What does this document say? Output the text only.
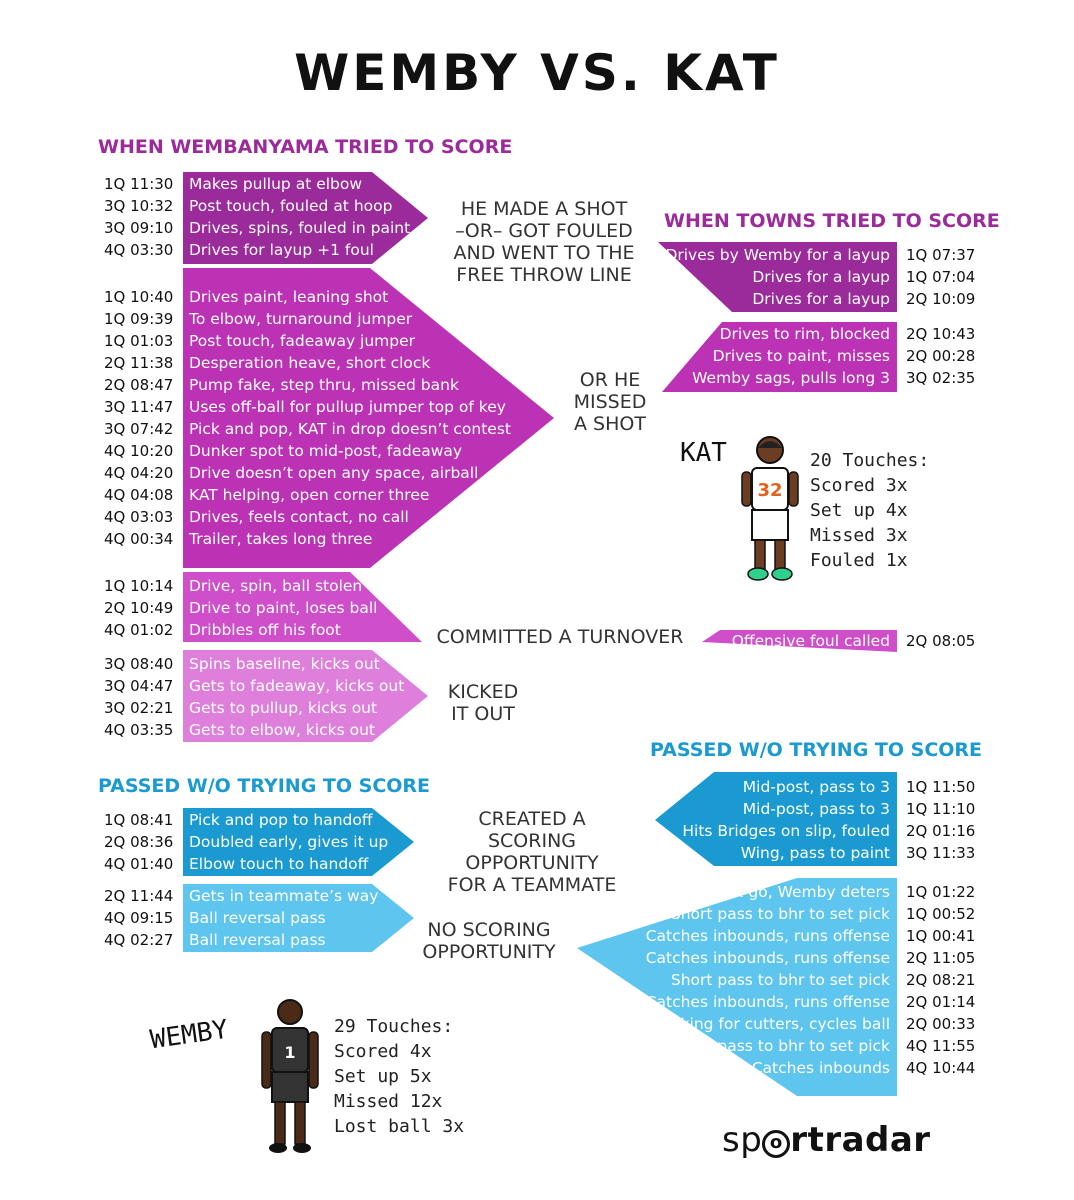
WEMBY VS. KAT
WHEN WEMBANYAMA TRIED TO SCORE
WHEN TOWNS TRIED TO SCORE
PASSED W/O TRYING TO SCORE
PASSED W/O TRYING TO SCORE
1Q 11:30 Makes pullup at elbow
3Q 10:32 Post touch, fouled at hoop
3Q 09:10 Drives, spins, fouled in paint
4Q 03:30 Drives for layup +1 foul
1Q 10:40 Drives paint, leaning shot
1Q 09:39 To elbow, turnaround jumper
1Q 01:03 Post touch, fadeaway jumper
2Q 11:38 Desperation heave, short clock
2Q 08:47 Pump fake, step thru, missed bank
3Q 11:47 Uses off-ball for pullup jumper top of key
3Q 07:42 Pick and pop, KAT in drop doesn’t contest
4Q 10:20 Dunker spot to mid-post, fadeaway
4Q 04:20 Drive doesn’t open any space, airball
4Q 04:08 KAT helping, open corner three
4Q 03:03 Drives, feels contact, no call
4Q 00:34 Trailer, takes long three
1Q 10:14 Drive, spin, ball stolen
2Q 10:49 Drive to paint, loses ball
4Q 01:02 Dribbles off his foot
3Q 08:40 Spins baseline, kicks out
3Q 04:47 Gets to fadeaway, kicks out
3Q 02:21 Gets to pullup, kicks out
4Q 03:35 Gets to elbow, kicks out
1Q 08:41 Pick and pop to handoff
2Q 08:36 Doubled early, gives it up
4Q 01:40 Elbow touch to handoff
2Q 11:44 Gets in teammate’s way
4Q 09:15 Ball reversal pass
4Q 02:27 Ball reversal pass
1Q 07:37
Drives by Wemby for a layup
1Q 07:04
Drives for a layup
2Q 10:09
Drives for a layup
2Q 10:43
Drives to rim, blocked
2Q 00:28
Drives to paint, misses
3Q 02:35
Wemby sags, pulls long 3
2Q 08:05
Offensive foul called
1Q 11:50
Mid-post, pass to 3
1Q 11:10
Mid-post, pass to 3
2Q 01:16
Hits Bridges on slip, fouled
3Q 11:33
Wing, pass to paint
1Q 01:22
Give & go, Wemby deters
1Q 00:52
Short pass to bhr to set pick
1Q 00:41
Catches inbounds, runs offense
2Q 11:05
Catches inbounds, runs offense
2Q 08:21
Short pass to bhr to set pick
2Q 01:14
Catches inbounds, runs offense
2Q 00:33
Looking for cutters, cycles ball
4Q 11:55
Short pass to bhr to set pick
4Q 10:44
Catches inbounds
HE MADE A SHOT
–OR– GOT FOULED
AND WENT TO THE
FREE THROW LINE
OR HE
MISSED
A SHOT
COMMITTED A TURNOVER
KICKED
IT OUT
CREATED A
SCORING
OPPORTUNITY
FOR A TEAMMATE
NO SCORING
OPPORTUNITY
KAT
32
20 Touches:
Scored 3x
Set up 4x
Missed 3x
Fouled 1x
WEMBY	1
29 Touches:
Scored 4x
Set up 5x
Missed 12x
Lost ball 3x	sp o rtradar
